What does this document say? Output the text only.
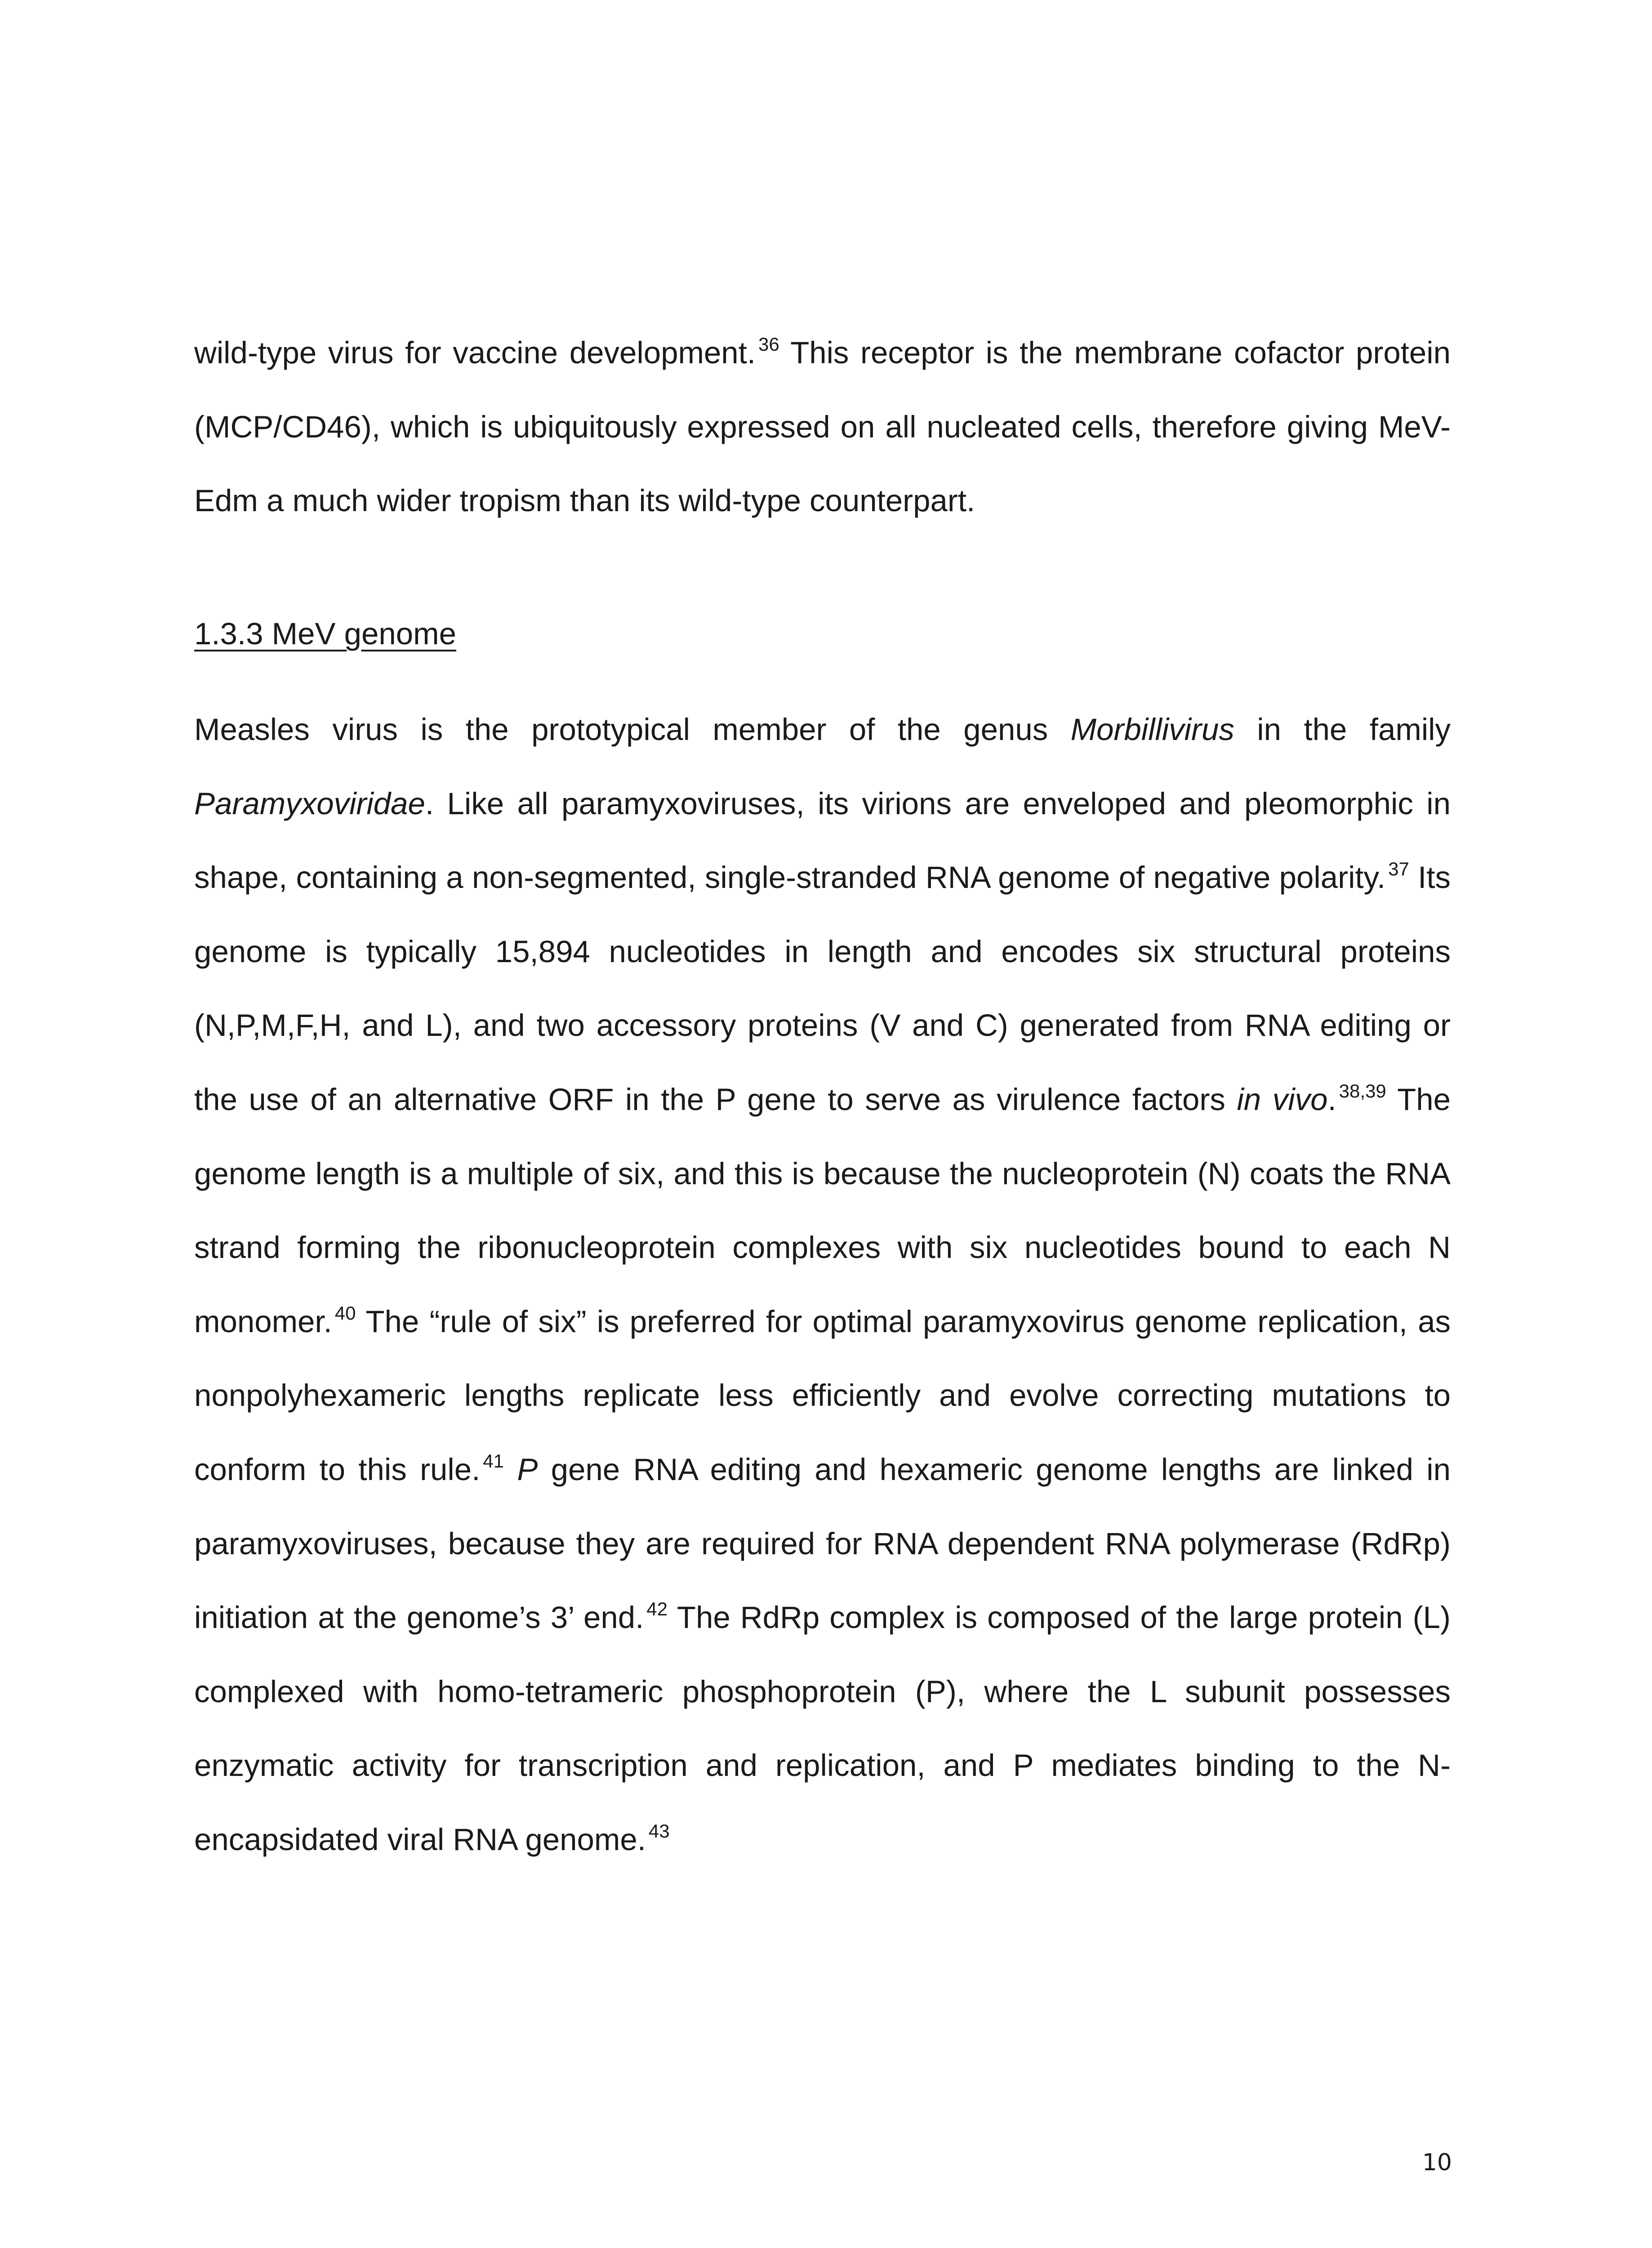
wild-type virus for vaccine development. $^{36}$ This receptor is the membrane cofactor protein (MCP/CD46), which is ubiquitously expressed on all nucleated cells, therefore giving MeV-Edm a much wider tropism than its wild-type counterpart.

1.3.3 MeV genome

Measles virus is the prototypical member of the genus Morbillivirus in the family Paramyxoviridae. Like all paramyxoviruses, its virions are enveloped and pleomorphic in shape, containing a non-segmented, single-stranded RNA genome of negative polarity. $^{37}$ Its genome is typically 15,894 nucleotides in length and encodes six structural proteins (N,P,M,F,H, and L), and two accessory proteins (V and C) generated from RNA editing or the use of an alternative ORF in the P gene to serve as virulence factors in vivo. $^{38,39}$ The genome length is a multiple of six, and this is because the nucleoprotein (N) coats the RNA strand forming the ribonucleoprotein complexes with six nucleotides bound to each N monomer. $^{40}$ The “rule of six” is preferred for optimal paramyxovirus genome replication, as nonpolyhexameric lengths replicate less efficiently and evolve correcting mutations to conform to this rule. $^{41}$ P gene RNA editing and hexameric genome lengths are linked in paramyxoviruses, because they are required for RNA dependent RNA polymerase (RdRp) initiation at the genome’s 3’ end. $^{42}$ The RdRp complex is composed of the large protein (L) complexed with homo-tetrameric phosphoprotein (P), where the L subunit possesses enzymatic activity for transcription and replication, and P mediates binding to the N-encapsidated viral RNA genome. $^{43}$

10
